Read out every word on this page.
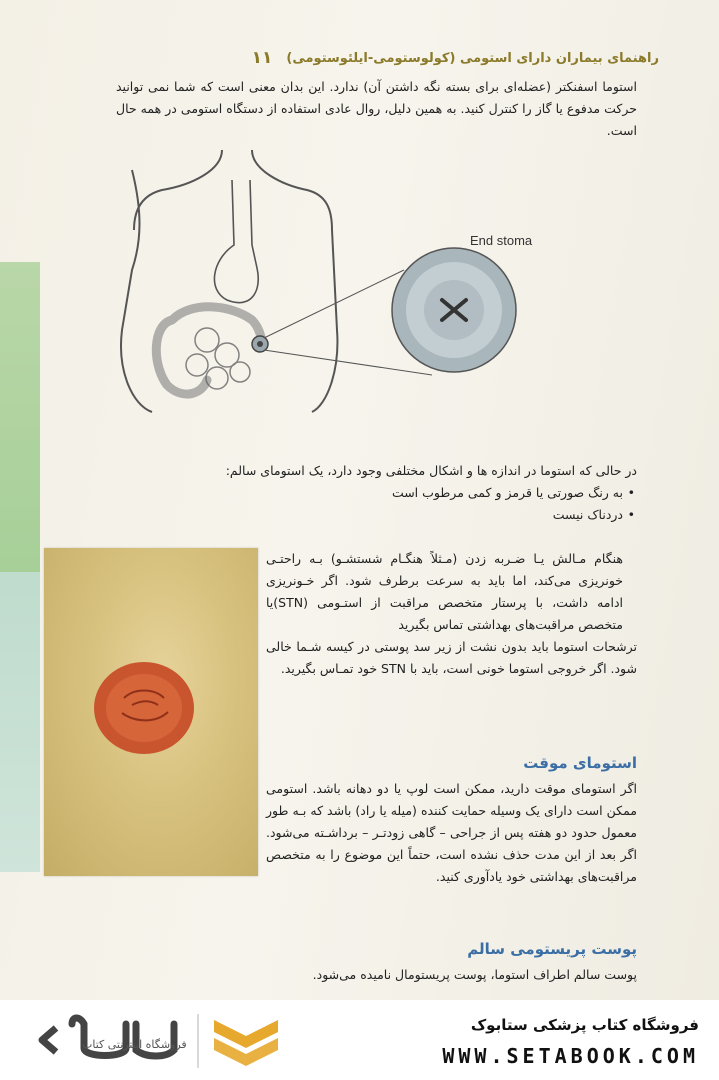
راهنمای بیماران دارای استومی (کولوستومی-ایلئوستومی)
۱۱

استوما اسفنکتر (عضله‌ای برای بسته نگه داشتن آن) ندارد. این بدان معنی است که شما نمی توانید حرکت مدفوع یا گاز را کنترل کنید. به همین دلیل، روال عادی استفاده از دستگاه استومی در همه حال است.

End stoma
در حالی که استوما در اندازه ها و اشکال مختلفی وجود دارد، یک استومای سالم:
• به رنگ صورتی یا قرمز و کمی مرطوب است
• دردناک نیست
هنگام مـالش یـا ضـربه زدن (مـثلاً هنگـام شستشـو) بـه راحتـی خونریزی می‌کند، اما باید به سرعت برطرف شود. اگر خـونریزی ادامه داشت، با پرستار متخصص مراقبت از استـومی (STN)یا متخصص مراقبت‌های بهداشتی تماس بگیرید
ترشحات استوما باید بدون نشت از زیر سد پوستی در کیسه شـما خالی شود. اگر خروجی استوما خونی است، باید با STN خود تمـاس بگیرید.
استومای موقت
اگر استومای موقت دارید، ممکن است لوپ یا دو دهانه باشد. استومی ممکن است دارای یک وسیله حمایت کننده (میله یا راد) باشد که بـه طور معمول حدود دو هفته پس از جراحی – گاهی زودتـر – برداشـته می‌شود. اگر بعد از این مدت حذف نشده است، حتماً این موضوع را به متخصص مراقبت‌های بهداشتی خود یادآوری کنید.
پوست پریستومی سالم
پوست سالم اطراف استوما، پوست پریستومال نامیده می‌شود.
فروشگاه اینترنتی کتاب
فروشگاه کتاب پزشکی ستابوک
WWW.SETABOOK.COM
